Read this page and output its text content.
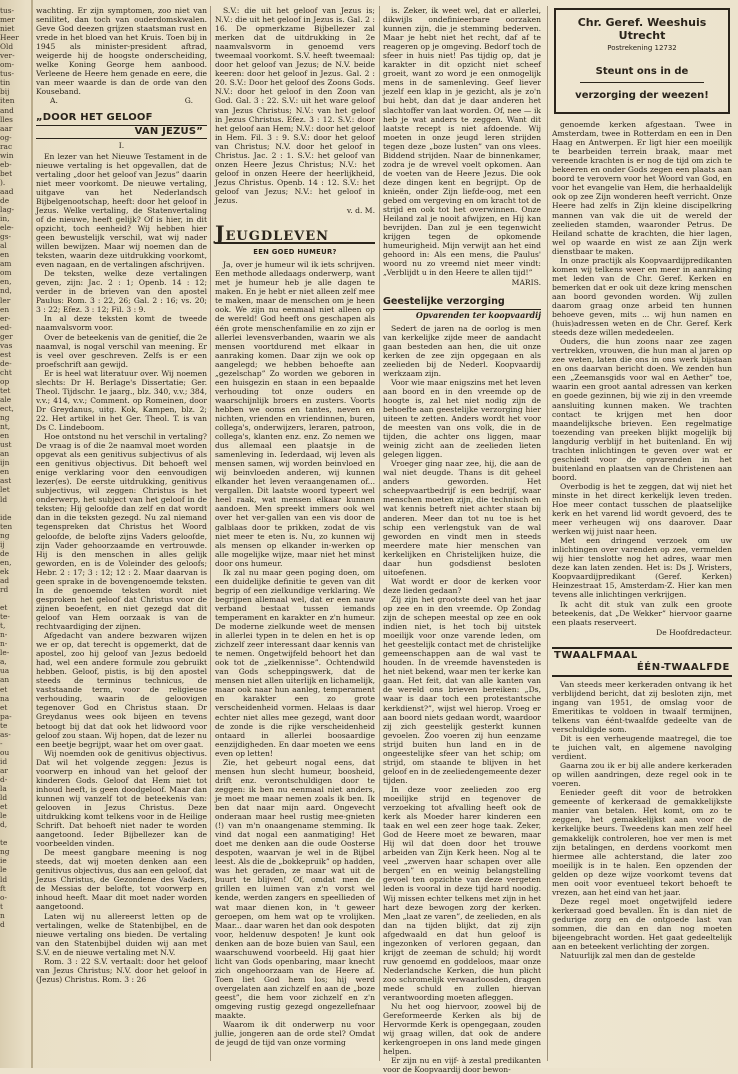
tus-
mer
niet
Heer
Old
ver-
om-
tus-
tin
bij
iten
and
lles
aar
og-
rac
win
eb-
bet
).
aad
de
lag-
in,
ele-
gs-
al
en
am
om
en,
nd,
ler
en
er-
ed-
ger
vas
est
de-
cht
op
tet
ale
ect,
ng
nt,
en
ust
an
ijn
en
ast
let
ld

ide
ten
ng
ij
de
en,
ek
ad
rd

et
te-
t,
n-
n-
le-
a,
ua
an
et
na
et
pa-
te
as-
-
ou
id
ar
d-
la
ld
et
le
d,

te
ng
ie
le
ld
ft
o-
t
n
d

wachting. Er zijn symptomen, zoo niet van senilitet, dan toch van ouderdomskwalen. Geve God deezen grijzen staatsman rust en vrede in het bloed van het Kruis. Toen bij in 1945 als minister-president aftrad, weigerde hij de hoogste onderscheiding, welke Koning George hem aanbood. Verleene de Heere hem genade en eere, die van meer waarde is dan de orde van den Kouseband.

A.	G.
„DOOR HET GELOOF
VAN JEZUS”
I.

En lezer van het Nieuwe Testament in de nieuwe vertaling is het opgevallen, dat de vertaling „door het geloof van Jezus” daarin niet meer voorkomt. De nieuwe vertaling, uitgave van het Nederlandsch Bijbelgenootschap, heeft: door het geloof in Jezus. Welke vertaling, de Statenvertaling of de nieuwe, heeft gelijk? Of is hier, in dit opzicht, toch eenheid? Wij hebben hier geen bewustelijk verschil, wat wij nader willen bewijzen. Maar wij noemen dan de teksten, waarin deze uitdrukking voorkomt, even nagaan, en de vertalingen afschrijven.

De teksten, welke deze vertalingen geven, zijn: Jac. 2 : 1; Openb. 14 : 12; verder in de brieven van den apostel Paulus: Rom. 3 : 22, 26; Gal. 2 : 16; vs. 20; 3 : 22; Efez. 3 : 12; Fil. 3 : 9.

In al deze teksten komt de tweede naamvalsvorm voor.

Over de beteekenis van de genitief, die 2e naamval, is nogal verschil van meening. Er is veel over geschreven. Zelfs is er een proefschrift aan gewijd.

Er is heel wat literatuur over. Wij noemen slechts: Dr H. Berlage's Dissertatie; Ger. Theol. Tijdschr. 1e jaarg., blz. 340, v.v.; 384, v.v.; 414, v.v.; Comment. op Romeinen, door Dr Greydanus, uitg. Kok, Kampen, blz. 2; 22. Het artikel in het Ger. Theol. T. is van Ds C. Lindeboom.

Hoe ontstond nu het verschil in vertaling? De vraag is of die 2e naamval moet worden opgevat als een genitivus subjectivus of als een genitivus objectivus. Dit behoeft wel enige verklaring voor den eenvoudigen lezer(es). De eerste uitdrukking, genitivus subjectivus, wil zeggen: Christus is het onderwerp, het subject van het geloof in de teksten; Hij geloofde dan zelf en dat wordt dan in die teksten gezegd. Nu zal niemand tegenspreken dat Christus het Woord geloofde, de belofte zijns Vaders geloofde, zijn Vader gehoorzaamde en vertrouwde. Hij is den menschen in alles gelijk geworden, en is de Voleinder des geloofs; Hebr. 2 : 17; 3 : 12; 12 : 2. Maar daarvan is geen sprake in de bovengenoemde teksten. In de genoemde teksten wordt niet gesproken het geloof dat Christus voor de zijnen beoefent, en niet gezegd dat dit geloof van Hem oorzaak is van de rechtvaardiging der zijnen.

Afgedacht van andere bezwaren wijzen we er op, dat terecht is opgemerkt, dat de apostel, zoo hij geloof van Jezus bedoeld had, wel een andere formule zou gebruikt hebben. Geloof, pistis, is bij den apostel steeds de terminus technicus, de vaststaande term, voor de religieuse verhouding, waarin de geloovigen tegenover God en Christus staan. Dr Greydanus wees ook bijeen en tevens betoogt bij dat dat ook het lidwoord voor geloof zou staan. Wij hopen, dat de lezer nu een beetje begrijpt, waar het om over gaat.

Wij noemden ook de genitivus objectivus. Dat wil het volgende zeggen: Jezus is voorwerp en inhoud van het geloof der kinderen Gods. Geloof dat Hem niet tot inhoud heeft, is geen doodgeloof. Maar dan kunnen wij vanzelf tot de beteekenis van: gelooven in Jezus Christus. Deze uitdrukking komt telkens voor in de Heilige Schrift. Dat behoeft niet nader te worden aangetoond. Ieder Bijbellezer kan de voorbeelden vinden.

De meest gangbare meening is nog steeds, dat wij moeten denken aan een genitivus objectivus, dus aan een geloof, dat Jezus Christus, de Gezondene des Vaders, de Messias der belofte, tot voorwerp en inhoud heeft. Maar dit moet nader worden aangetoond.

Laten wij nu allereerst letten op de vertalingen, welke de Statenbijbel, en de nieuwe vertaling ons bieden. De vertaling van den Statenbijbel duiden wij aan met S.V. en de nieuwe vertaling met N.V.

Rom. 3 : 22 S.V. vertaalt: door het geloof van Jezus Christus; N.V. door het geloof in (Jezus) Christus. Rom. 3 : 26

S.V.: die uit het geloof van Jezus is; N.V.: die uit het geloof in Jezus is. Gal. 2 : 16. De opmerkzame Bijbellezer zal merken dat de uitdrukking in 2e naamvalsvorm in genoemd vers tweemaal voorkomt. S.V. heeft tweemaal: door het geloof van Jezus; de N.V. beide keeren: door het geloof in Jezus. Gal. 2 : 20. S.V.: Door het geloof des Zoons Gods. N.V.: door het geloof in den Zoon van God. Gal. 3 : 22. S.V.: uit het ware geloof van Jezus Christus; N.V.: van het geloof in Jezus Christus. Efez. 3 : 12. S.V.: door het geloof aan Hem; N.V.: door het geloof in Hem. Fil. 3 : 9. S.V.: door het geloof van Christus; N.V. door het geloof in Christus. Jac. 2 : 1. S.V.: het geloof van onzen Heere Jezus Christus; N.V.: het geloof in onzen Heere der heerlijkheid, Jezus Christus. Openb. 14 : 12. S.V.: het geloof van Jezus; N.V.: het geloof in Jezus.

v. d. M.
JEUGDLEVEN
EEN GOED HUMEUR?

Ja, over je humeur wil ik iets schrijven. Een methode alledaags onderwerp, want met je humeur heb je alle dagen te maken. En je hebt er niet alleen zelf mee te maken, maar de menschen om je heen ook. We zijn nu eenmaal niet alleen op de wereld! God heeft ons geschapen als één grote menschenfamilie en zo zijn er allerlei levensverbanden, waarin we als mensen voortdurend met elkaar in aanraking komen. Daar zijn we ook op aangelegd; we hebben behoefte aan „gezelschap” Zo worden we geboren in een huisgezin en staan in een bepaalde verhouding tot onze ouders en waarschijnlijk broers en zusters. Voorts hebben we ooms en tantes, neven en nichten, vrienden en vriendinnen, buren, collega's, onderwijzers, leraren, patroon, collega's, klanten enz. enz. Zo nemen we dus allemaal een plaatsje in de samenleving in. Iederdaad, wij leven als mensen samen, wij worden beinvloed en wij beinvloeden anderen, wij kunnen elkander het leven veraangenamen of... vergallen. Dit laatste woord typeert wel heel raak, wat mensen elkaar kunnen aandoen. Men spreekt immers ook wel over het ver-gallen van een vis door de galblaas door te prikken, zodat de vis niet meer te eten is. Nu, zo kunnen wij als mensen op elkander in-werken op alle mogelijke wijze, maar niet het minst door ons humeur.

Ik zal nu maar geen poging doen, om een duidelijke definitie te geven van dit begrip of een zielkundige verklaring. We begrijpen allemaal wel, dat er een nauw verband bestaat tussen iemands temperament en karakter en z'n humeur. De moderne zielkunde weet de mensen in allerlei typen in te delen en het is op zichzelf zeer interessant daar kennis van te nemen. Ongetwijfeld behoort het dan ook tot de „zielkennisse”. Ochtendwild van Gods scheppingswerk, dat de mensen niet allen uiterlijk en lichamelijk, maar ook naar hun aanleg, temperament en karakter een zo grote verscheidenheid vormen. Helaas is daar echter niet alles mee gezegd, want door de zonde is die rijke verscheidenheid ontaard in allerlei boosaardige eenzijdigheden. En daar moeten we eens even op letten!

Zie, het gebeurt nogal eens, dat mensen hun slecht humeur, boosheid, drift enz. verontschuldigen door te zeggen: ik ben nu eenmaal niet anders, je moet me maar nemen zoals ik ben. Ik ben dat naar mijn aard. Ongevecht onderaan maar heel rustig mee-gnieten (!) van m'n onaangename stemming. Ik vind dat nogal een aanmatiging! Het doet me denken aan die oude Oosterse despoten, waarvan je wel in de Bijbel leest. Als die de „bokkepruik” op hadden, was het geraden, ze maar wat uit de buurt te blijven! Of, omdat men de grillen en luimen van z'n vorst wel kende, werden zangers en speellieden of wat maar dienen kon, in 't geweer geroepen, om hem wat op te vrolijken. Maar... daar waren het dan ook despoten voor, heldenuw despoten! Je kunt ook denken aan de boze buien van Saul, een waarschuwend voorbeeld. Hij gaat hier licht van Gods openbaring, maar knecht zich ongehoorzaam van de Heere af. Toen liet God hem los; hij werd overgelaten aan zichzelf en aan de „boze geest”, die hem voor zichzelf en z'n omgeving rustig gezegd ongezellefnaar maakte.

Waarom ik dit onderwerp nu voor jullie, jongeren aan de orde stel? Omdat de jeugd de tijd van onze vorming

is. Zeker, ik weet wel, dat er allerlei, dikwijls ondefinieerbare oorzaken kunnen zijn, die je stemming bederven. Maar je hebt niet het recht, daf af te reageren op je omgeving. Bedorf toch de sfeer in huis niet! Pas tijdig op, dat je karakter in dit opzicht niet scheef groeit, want zo word je een onmogelijk mens in de samenleving. Geef liever jezelf een klap in je gezicht, als je zo'n bui hebt, dan dat je daar anderen het slachtoffer van laat worden. Of, nee — ik heb je wat anders te zeggen. Want dit laatste recept is niet afdoende. Wij moeten in onze jeugd leren strijden tegen deze „boze lusten” van ons vlees. Biddend strijden. Naar de binnenkamer, zodra je de wrevel voelt opkomen. Aan de voeten van de Heere Jezus. Die ook deze dingen kent en begrijpt. Op de knieën, onder Zijn liefde-oog, met een gebed om vergeving en om kracht tot de strijd en ook tot het overwinnen. Onze Heiland zal je nooit afwijzen, en Hij kan bevrijden. Dan zul je een tegenwicht krijgen tegen de opkomende humeurigheid. Mijn verwijt aan het eind gehoord in: Als een mens, die Paulus' woord nu zo vreemd niet meer vindt: „Verblijdt u in den Heere te allen tijd!”

MARIS.
Geestelijke verzorging
Opvarenden ter koopvaardij

Sedert de jaren na de oorlog is men van kerkelijke zijde meer de aandacht gaan besteden aan hen, die uit onze kerken de zee zijn opgegaan en als zeelieden bij de Nederl. Koopvaardij werkzaam zijn.

Voor wie maar enigszins met het leven aan boord en in den vreemde op de hoogte is, zal het niet nodig zijn de behoefte aan geestelijke verzorging hier uiteen te zetten. Anders wordt het voor de meesten van ons volk, die in de tijden, die achter ons liggen, maar weinig zicht aan de zeelieden lieten gelegen liggen.

Vroeger ging naar zee, hij, die aan de wal niet deugde. Thans is dit geheel anders geworden. Het scheepvaartbedrijf is een bedrijf, waar menschen moeten zijn, die technisch en wat kennis betreft niet achter staan bij anderen. Meer dan tot nu toe is het schip een verlengstuk van de wal geworden en vindt men in steeds meerdere mate hier menschen van kerkelijken en Christelijken huize, die daar hun godsdienst besloten uitoefenen.

Wat wordt er door de kerken voor deze lieden gedaan?

Zij zijn het grootste deel van het jaar op zee en in den vreemde. Op Zondag zijn de schepen meestal op zee en ook indien niet, is het toch bij uitstek moeilijk voor onze varende leden, om het geestelijk contact met de christelijke gemeenschappen aan de wal vast te houden. In de vreemde havensteden is het niet bekend, waar men ter kerke kan gaan. Het feit, dat van alle kanten van de wereld ons brieven bereiken: „Ds, waar is daar toch een protestantsche kerkdienst?”, wijst wel hierop. Vroeg er aan boord niets gedaan wordt, waardoor zij zich geestelijk gesterkt kunnen gevoelen. Zoo voeren zij hun eenzame strijd buiten hun land en in de ongeestelijke sfeer van het schip; om strijd, om staande te blijven in het geloof en in de zeeliedengemeente dezer tijden.

In deze voor zeelieden zoo erg moeilijke strijd en tegenover de verzoeking tot afvalling heeft ook de kerk als Moeder harer kinderen een taak en wel een zeer hoge taak. Zeker, God de Heere moet ze bewaren, maar Hij wil dat doen door het trouwe arbeiden van Zijn Kerk heen. Nog al te veel „zwerven haar schapen over alle bergen” en en weinig belangstelling gevoel ten opzichte van deze vergeten leden is vooral in deze tijd hard noodig. Wij missen echter telkens met zijn in het hart deze bewogen zorg der kerken. Men „laat ze varen”, de zeelieden, en als dan na tijden blijkt, dat zij zijn afgedwaald en dat hun geloof is ingezonken of verloren gegaan, dan krijgt de zeeman de schuld; hij wordt ruw genoemd en goddeloos, maar onze Nederlandsche Kerken, die hun plicht zoo schromelijk verwaarloosden, dragen mede schuld en zullen hiervan verantwoording moeten afleggen.

Nu het oog hiervoor, zoowel bij de Gereformeerde Kerken als bij de Hervormde Kerk is opengegaan, zouden wij graag willen, dat ook de andere kerkengroepen in ons land mede gingen helpen.

Er zijn nu en vijf- à zestal predikanten voor de Koopvaardij door bewon-

Chr. Geref. Weeshuis
Utrecht
Postrekening 12732
Steunt ons in de
verzorging der weezen!

genoemde kerken afgestaan. Twee in Amsterdam, twee in Rotterdam en een in Den Haag en Antwerpen. Er ligt hier een moeilijk te bearbeiden terrein braak, maar met vereende krachten is er nog de tijd om zich te bekeeren en onder Gods zegen een plaats aan boord te verovern voor het Woord van God, en voor het evangelie van Hem, die herhaaldelijk ook op zee Zijn wonderen heeft verricht. Onze Heere had zelfs in Zijn kleine discipelkring mannen van vak die uit de wereld der zeelieden stamden, waaronder Petrus. De Heiland schatte de krachten, die hier lagen, wel op waarde en wist ze aan Zijn werk dienstbaar te maken.

In onze practijk als Koopvaardijpredikanten komen wij telkens weer en meer in aanraking met leden van de Chr. Geref. Kerken en bemerken dat er ook uit deze kring menschen aan boord gevonden worden. Wij zullen daarom graag onze arbeid ten hunnen behoeve geven, mits ... wij hun namen en (huis)adressen weten en de Chr. Geref. Kerk steeds deze willen mededeelen.

Ouders, die hun zoons naar zee zagen vertrekken, vrouwen, die hun man al jaren op zee weten, laten die ons in ons werk bijstaan en ons daarvan bericht doen. We zenden hun een „Zeemansgids voor wal en Aether” toe, waarin een groot aantal adressen van kerken en goede gezinnen, bij wie zij in den vreemde aansluiting kunnen maken. We trachten contact te krijgen met hen door maandelijksche brieven. Een regelmatige toezending van preeken blijkt mogelijk bij langdurig verblijf in het buitenland. En wij trachten inlichtingen te geven over wat er geschiedt voor de opvarenden in het buitenland en plaatsen van de Christenen aan boord.

Overbodig is het te zeggen, dat wij niet het minste in het direct kerkelijk leven treden. Hoe meer contact tusschen de plaatselijke kerk en het varend lid wordt gevoerd, des te meer verheugen wij ons daarover. Daar werken wij juist naar heen.

Met een dringend verzoek om uw inlichtingen over varenden op zee, vermelden wij hier tenslotte nog het adres, waar men deze kan laten zenden. Het is: Ds J. Wristers, Koopvaardijpredikant (Geref. Kerken) Heinzestraat 15, Amsterdam-Z. Hier kan men tevens alle inlichtingen verkrijgen.

Ik acht dit stuk van zulk een groote beteekenis, dat „De Wekker” hiervoor gaarne een plaats reserveert.

De Hoofdredacteur.
TWAALFMAAL
ÉÉN-TWAALFDE

Van steeds meer kerkeraden ontvang ik het verblijdend bericht, dat zij besloten zijn, met ingang van 1951, de omslag voor de Emeritikas te voldoen in twaalf termijnen, telkens van éént-twaalfde gedeelte van de verschuldigde som.

Dit is een verheugende maatregel, die toe te juichen valt, en algemene navolging verdient.

Gaarna zou ik er bij alle andere kerkeraden op willen aandringen, deze regel ook in te voeren.

Eenieder geeft dit voor de betrokken gemeente of kerkeraad de gemakkelijkste manier van betalen. Het komt, om zo te zeggen, het gemakkelijkst aan voor de kerkelijke beurs. Tweedens kan men zelf heel gemakkelijk controleren, hoe ver men is met zijn betalingen, en derdens voorkomt men hiermee alle achterstand, die later zoo moeilijk is in te halen. Een opzenden der gelden op deze wijze voorkomt tevens dat men ooit voor eventueel tekort behoeft te vrezen, aan het eind van het jaar.

Deze regel moet ongetwijfeld iedere kerkeraad goed bevallen. En is dan niet de gedurige zorg en de ontgoede last van sommen, die dan en dan nog moeten bijeengebracht worden. Het gaat gedeeltelijk aan en beteekent verlichting der zorgen.

Natuurlijk zal men dan de gestelde
